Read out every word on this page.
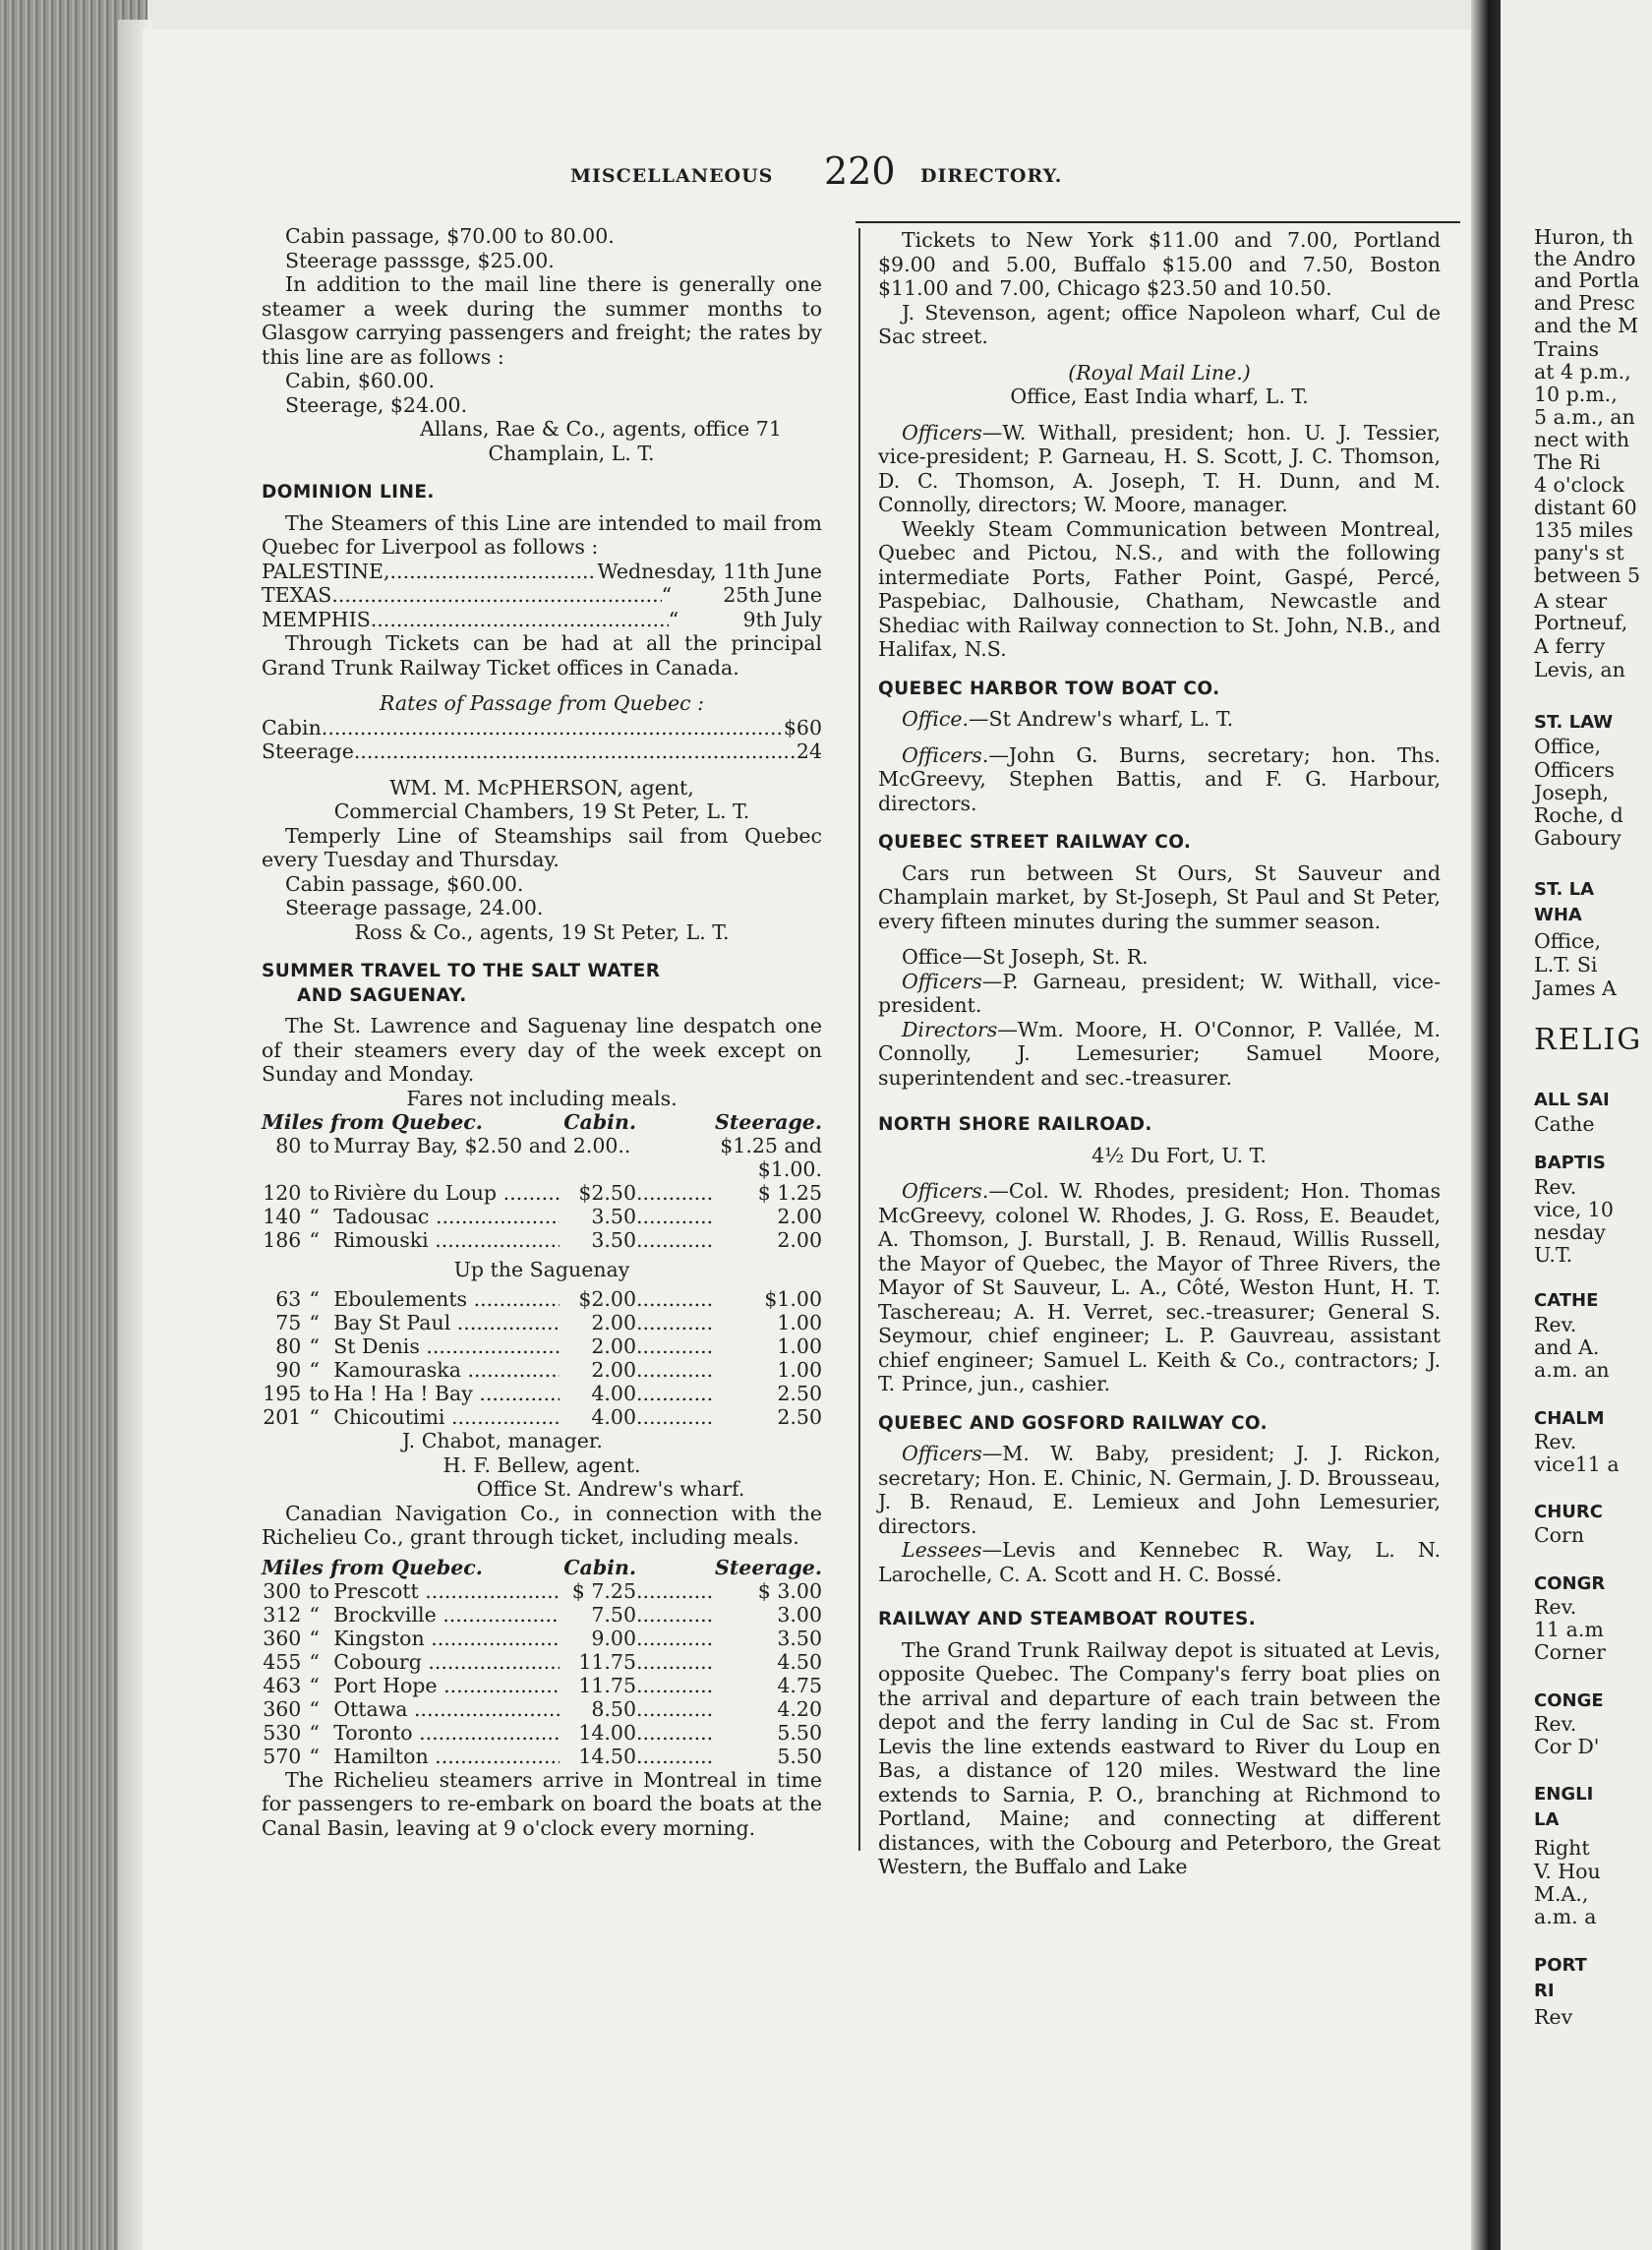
MISCELLANEOUS 220 DIRECTORY.

Cabin passage, $70.00 to 80.00.

Steerage passsge, $25.00.

In addition to the mail line there is generally one steamer a week during the summer months to Glasgow carrying passengers and freight; the rates by this line are as follows :

Cabin, $60.00.

Steerage, $24.00.

Allans, Rae & Co., agents, office 71

Champlain, L. T.

DOMINION LINE.

The Steamers of this Line are intended to mail from Quebec for Liverpool as follows :

PALESTINE, .....	Wednesday, 11th June
TEXAS .....	“        25th June
MEMPHIS .....	“          9th July

Through Tickets can be had at all the principal Grand Trunk Railway Ticket offices in Canada.

Rates of Passage from Quebec :

Cabin .....	$60
Steerage .....	24

WM. M. McPHERSON, agent,

Commercial Chambers, 19 St Peter, L. T.

Temperly Line of Steamships sail from Quebec every Tuesday and Thursday.

Cabin passage, $60.00.

Steerage passage, 24.00.

Ross & Co., agents, 19 St Peter, L. T.

SUMMER TRAVEL TO THE SALT WATER

AND SAGUENAY.

The St. Lawrence and Saguenay line despatch one of their steamers every day of the week except on Sunday and Monday.

Fares not including meals.

Miles from Quebec.			Cabin.		Steerage.
80	to	Murray Bay, $2.50 and 2.00..			$1.25 and
					$1.00.
120	to	Rivière du Loup .....	$2.50	.....	$ 1.25
140	“	Tadousac .....	3.50	.....	2.00
186	“	Rimouski .....	3.50	.....	2.00
Up the Saguenay					
63	“	Eboulements .....	$2.00	.....	$1.00
75	“	Bay St Paul .....	2.00	.....	1.00
80	“	St Denis .....	2.00	.....	1.00
90	“	Kamouraska .....	2.00	.....	1.00
195	to	Ha ! Ha ! Bay .....	4.00	.....	2.50
201	“	Chicoutimi .....	4.00	.....	2.50

J. Chabot, manager.

H. F. Bellew, agent.

Office St. Andrew's wharf.

Canadian Navigation Co., in connection with the Richelieu Co., grant through ticket, including meals.

Miles from Quebec.			Cabin.		Steerage.
300	to	Prescott .....	$ 7.25	.....	$ 3.00
312	“	Brockville .....	7.50	.....	3.00
360	“	Kingston .....	9.00	.....	3.50
455	“	Cobourg .....	11.75	.....	4.50
463	“	Port Hope .....	11.75	.....	4.75
360	“	Ottawa .....	8.50	.....	4.20
530	“	Toronto .....	14.00	.....	5.50
570	“	Hamilton .....	14.50	.....	5.50

The Richelieu steamers arrive in Montreal in time for passengers to re-embark on board the boats at the Canal Basin, leaving at 9 o'clock every morning.

Tickets to New York $11.00 and 7.00, Portland $9.00 and 5.00, Buffalo $15.00 and 7.50, Boston $11.00 and 7.00, Chicago $23.50 and 10.50.

J. Stevenson, agent; office Napoleon wharf, Cul de Sac street.

(Royal Mail Line.)

Office, East India wharf, L. T.

Officers—W. Withall, president; hon. U. J. Tessier, vice-president; P. Garneau, H. S. Scott, J. C. Thomson, D. C. Thomson, A. Joseph, T. H. Dunn, and M. Connolly, directors; W. Moore, manager.

Weekly Steam Communication between Montreal, Quebec and Pictou, N.S., and with the following intermediate Ports, Father Point, Gaspé, Percé, Paspebiac, Dalhousie, Chatham, Newcastle and Shediac with Railway connection to St. John, N.B., and Halifax, N.S.

QUEBEC HARBOR TOW BOAT CO.

Office.—St Andrew's wharf, L. T.

Officers.—John G. Burns, secretary; hon. Ths. McGreevy, Stephen Battis, and F. G. Harbour, directors.

QUEBEC STREET RAILWAY CO.

Cars run between St Ours, St Sauveur and Champlain market, by St-Joseph, St Paul and St Peter, every fifteen minutes during the summer season.

Office—St Joseph, St. R.

Officers—P. Garneau, president; W. Withall, vice-president.

Directors—Wm. Moore, H. O'Connor, P. Vallée, M. Connolly, J. Lemesurier; Samuel Moore, superintendent and sec.-treasurer.

NORTH SHORE RAILROAD.

4½ Du Fort, U. T.

Officers.—Col. W. Rhodes, president; Hon. Thomas McGreevy, colonel W. Rhodes, J. G. Ross, E. Beaudet, A. Thomson, J. Burstall, J. B. Renaud, Willis Russell, the Mayor of Quebec, the Mayor of Three Rivers, the Mayor of St Sauveur, L. A., Côté, Weston Hunt, H. T. Taschereau; A. H. Verret, sec.-treasurer; General S. Seymour, chief engineer; L. P. Gauvreau, assistant chief engineer; Samuel L. Keith & Co., contractors; J. T. Prince, jun., cashier.

QUEBEC AND GOSFORD RAILWAY CO.

Officers—M. W. Baby, president; J. J. Rickon, secretary; Hon. E. Chinic, N. Germain, J. D. Brousseau, J. B. Renaud, E. Lemieux and John Lemesurier, directors.

Lessees—Levis and Kennebec R. Way, L. N. Larochelle, C. A. Scott and H. C. Bossé.

RAILWAY AND STEAMBOAT ROUTES.

The Grand Trunk Railway depot is situated at Levis, opposite Quebec. The Company's ferry boat plies on the arrival and departure of each train between the depot and the ferry landing in Cul de Sac st. From Levis the line extends eastward to River du Loup en Bas, a distance of 120 miles. Westward the line extends to Sarnia, P. O., branching at Richmond to Portland, Maine; and connecting at different distances, with the Cobourg and Peterboro, the Great Western, the Buffalo and Lake

Huron, th
the Andro
and Portla
and Presc
and the M
Trains
at 4 p.m.,
10 p.m.,
5 a.m., an
nect with
The Ri
4 o'clock
distant 60
135 miles
pany's st
between 5
A stear
Portneuf,
A ferry
Levis, an
ST. LAW
Office,
Officers
Joseph,
Roche, d
Gaboury
ST. LA
WHA
Office,
L.T. Si
James A
RELIG
ALL SAI
Cathe
BAPTIS
Rev.
vice, 10
nesday
U.T.
CATHE
Rev.
and A.
a.m. an
CHALM
Rev.
vice11 a
CHURC
Corn
CONGR
Rev.
11 a.m
Corner
CONGE
Rev.
Cor D'
ENGLI
LA
Right
V. Hou
M.A.,
a.m. a
PORT
RI
Rev
